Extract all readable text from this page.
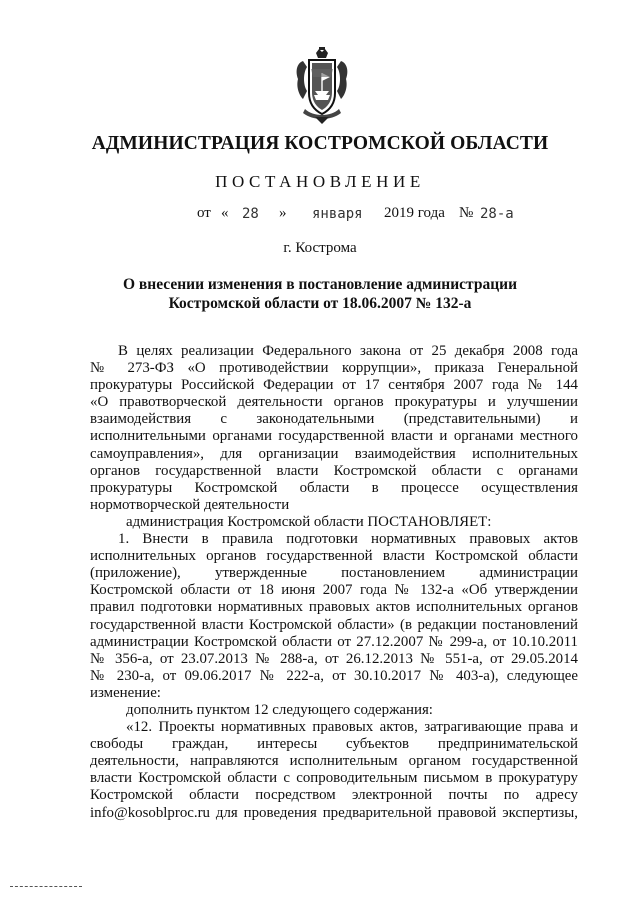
АДМИНИСТРАЦИЯ КОСТРОМСКОЙ ОБЛАСТИ
ПОСТАНОВЛЕНИЕ
от « 28 » января 2019 года № 28-а
г. Кострома
О внесении изменения в постановление администрации
Костромской области от 18.06.2007 № 132-а
В целях реализации Федерального закона от 25 декабря 2008 года
№ 273-ФЗ «О противодействии коррупции», приказа Генеральной
прокуратуры Российской Федерации от 17 сентября 2007 года № 144
«О правотворческой деятельности органов прокуратуры и улучшении
взаимодействия с законодательными (представительными) и
исполнительными органами государственной власти и органами местного
самоуправления», для организации взаимодействия исполнительных
органов государственной власти Костромской области с органами
прокуратуры Костромской области в процессе осуществления
нормотворческой деятельности
администрация Костромской области ПОСТАНОВЛЯЕТ:
1. Внести в правила подготовки нормативных правовых актов
исполнительных органов государственной власти Костромской области
(приложение), утвержденные постановлением администрации
Костромской области от 18 июня 2007 года № 132-а «Об утверждении
правил подготовки нормативных правовых актов исполнительных органов
государственной власти Костромской области» (в редакции постановлений
администрации Костромской области от 27.12.2007 № 299-а, от 10.10.2011
№ 356-а, от 23.07.2013 № 288-а, от 26.12.2013 № 551-а, от 29.05.2014
№ 230-а, от 09.06.2017 № 222-а, от 30.10.2017 № 403-а), следующее
изменение:
дополнить пунктом 12 следующего содержания:
«12. Проекты нормативных правовых актов, затрагивающие права и
свободы граждан, интересы субъектов предпринимательской
деятельности, направляются исполнительным органом государственной
власти Костромской области с сопроводительным письмом в прокуратуру
Костромской области посредством электронной почты по адресу
info@kosoblproc.ru для проведения предварительной правовой экспертизы,
